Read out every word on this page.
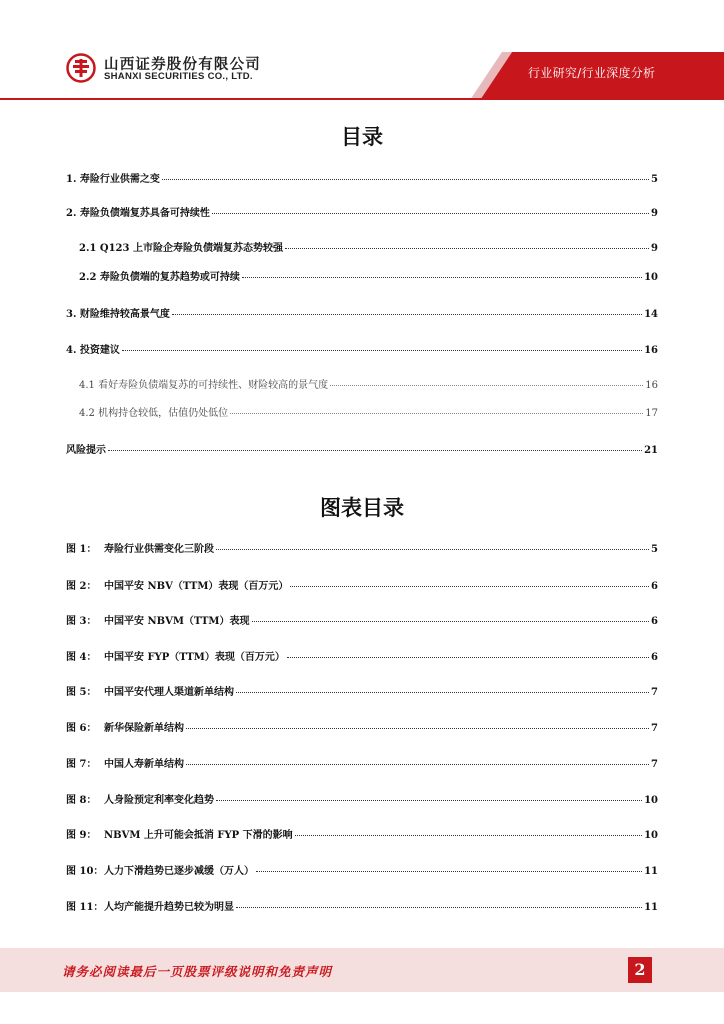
山西证券股份有限公司
SHANXI SECURITIES CO., LTD.	行业研究/行业深度分析
目录
1. 寿险行业供需之变	5
2. 寿险负债端复苏具备可持续性	9
2.1 Q123 上市险企寿险负债端复苏态势较强	9
2.2 寿险负债端的复苏趋势或可持续	10
3. 财险维持较高景气度	14
4. 投资建议	16
4.1 看好寿险负债端复苏的可持续性、财险较高的景气度	16
4.2 机构持仓较低，估值仍处低位	17
风险提示	21
图表目录
图 1： 寿险行业供需变化三阶段	5
图 2： 中国平安 NBV（TTM）表现（百万元）	6
图 3： 中国平安 NBVM（TTM）表现	6
图 4： 中国平安 FYP（TTM）表现（百万元）	6
图 5： 中国平安代理人渠道新单结构	7
图 6： 新华保险新单结构	7
图 7： 中国人寿新单结构	7
图 8： 人身险预定利率变化趋势	10
图 9： NBVM 上升可能会抵消 FYP 下滑的影响	10
图 10：人力下滑趋势已逐步减缓（万人）	11
图 11：人均产能提升趋势已较为明显	11
请务必阅读最后一页股票评级说明和免责声明	2
